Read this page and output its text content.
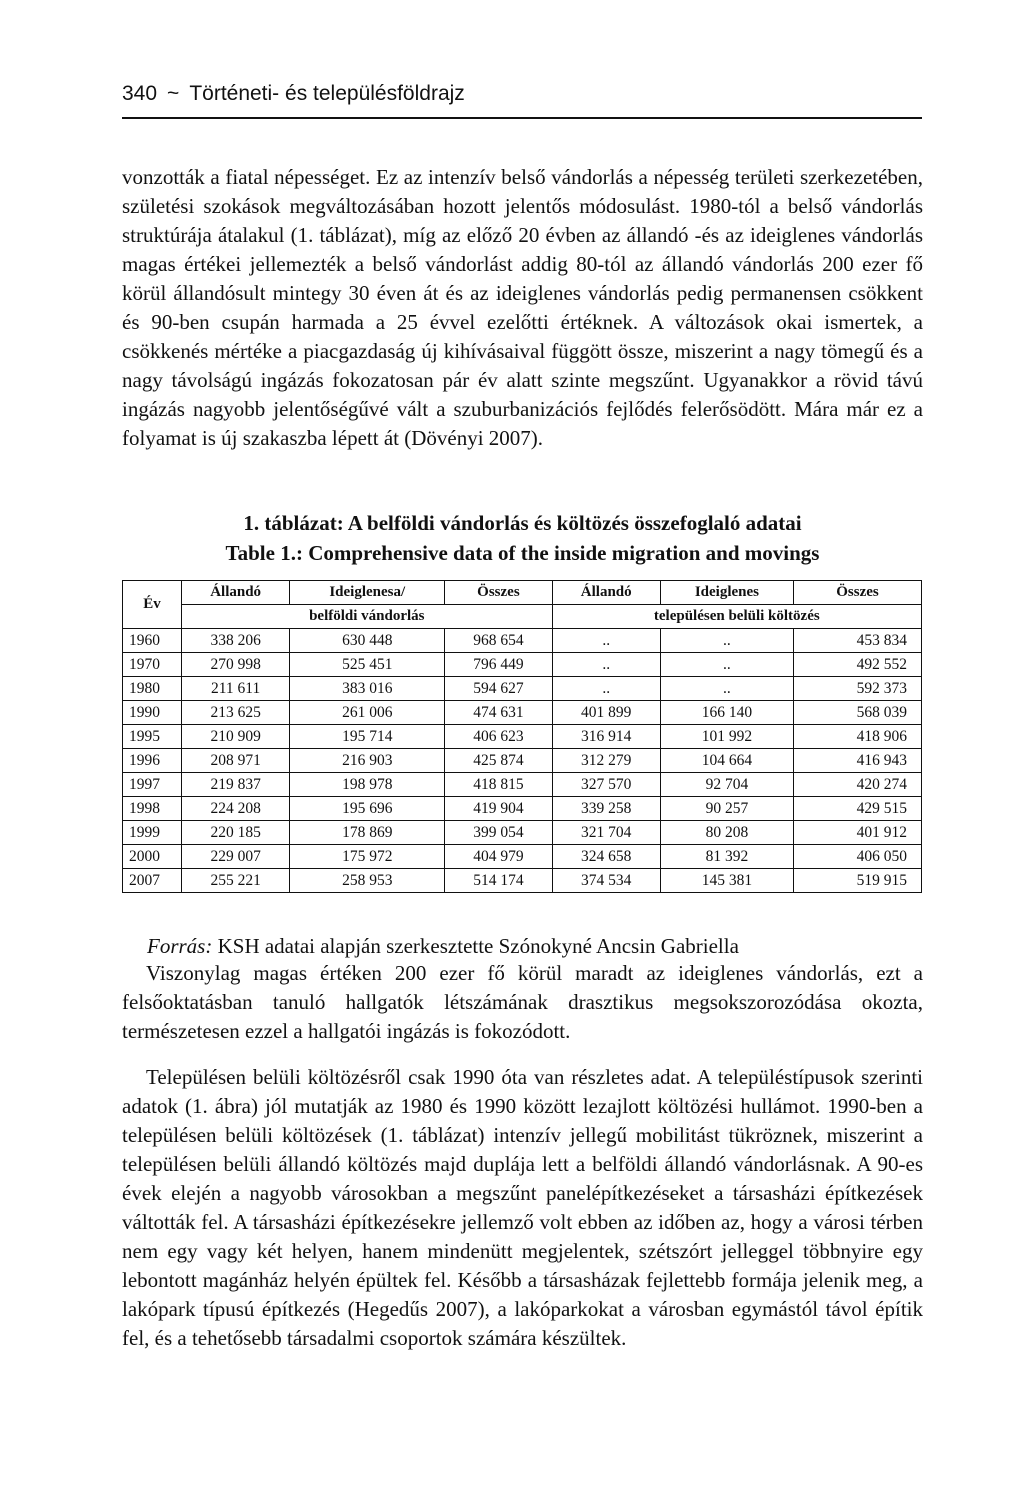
340 ~ Történeti- és településföldrajz

vonzották a fiatal népességet. Ez az intenzív belső vándorlás a népesség területi szerkezetében, születési szokások megváltozásában hozott jelentős módosulást. 1980-tól a belső vándorlás struktúrája átalakul (1. táblázat), míg az előző 20 évben az állandó -és az ideiglenes vándorlás magas értékei jellemezték a belső vándorlást addig 80-tól az állandó vándorlás 200 ezer fő körül állandósult mintegy 30 éven át és az ideiglenes vándorlás pedig permanensen csökkent és 90-ben csupán harmada a 25 évvel ezelőtti értéknek. A változások okai ismertek, a csökkenés mértéke a piacgazdaság új kihívásaival függött össze, miszerint a nagy tömegű és a nagy távolságú ingázás fokozatosan pár év alatt szinte megszűnt. Ugyanakkor a rövid távú ingázás nagyobb jelentőségűvé vált a szuburbanizációs fejlődés felerősödött. Mára már ez a folyamat is új szakaszba lépett át (Dövényi 2007).

1. táblázat: A belföldi vándorlás és költözés összefoglaló adatai
Table 1.: Comprehensive data of the inside migration and movings
Év	Állandó	Ideiglenesa/	Összes	Állandó	Ideiglenes	Összes
	belföldi vándorlás			településen belüli költözés		
1960	338 206	630 448	968 654	..	..	453 834
1970	270 998	525 451	796 449	..	..	492 552
1980	211 611	383 016	594 627	..	..	592 373
1990	213 625	261 006	474 631	401 899	166 140	568 039
1995	210 909	195 714	406 623	316 914	101 992	418 906
1996	208 971	216 903	425 874	312 279	104 664	416 943
1997	219 837	198 978	418 815	327 570	92 704	420 274
1998	224 208	195 696	419 904	339 258	90 257	429 515
1999	220 185	178 869	399 054	321 704	80 208	401 912
2000	229 007	175 972	404 979	324 658	81 392	406 050
2007	255 221	258 953	514 174	374 534	145 381	519 915
Forrás: KSH adatai alapján szerkesztette Szónokyné Ancsin Gabriella

Viszonylag magas értéken 200 ezer fő körül maradt az ideiglenes vándorlás, ezt a felsőoktatásban tanuló hallgatók létszámának drasztikus megsokszorozódása okozta, természetesen ezzel a hallgatói ingázás is fokozódott.

Településen belüli költözésről csak 1990 óta van részletes adat. A településtípusok szerinti adatok (1. ábra) jól mutatják az 1980 és 1990 között lezajlott költözési hullámot. 1990-ben a településen belüli költözések (1. táblázat) intenzív jellegű mobilitást tükröznek, miszerint a településen belüli állandó költözés majd duplája lett a belföldi állandó vándorlásnak. A 90-es évek elején a nagyobb városokban a megszűnt panelépítkezéseket a társasházi építkezések váltották fel. A társasházi építkezésekre jellemző volt ebben az időben az, hogy a városi térben nem egy vagy két helyen, hanem mindenütt megjelentek, szétszórt jelleggel többnyire egy lebontott magánház helyén épültek fel. Később a társasházak fejlettebb formája jelenik meg, a lakópark típusú építkezés (Hegedűs 2007), a lakóparkokat a városban egymástól távol építik fel, és a tehetősebb társadalmi csoportok számára készültek.
